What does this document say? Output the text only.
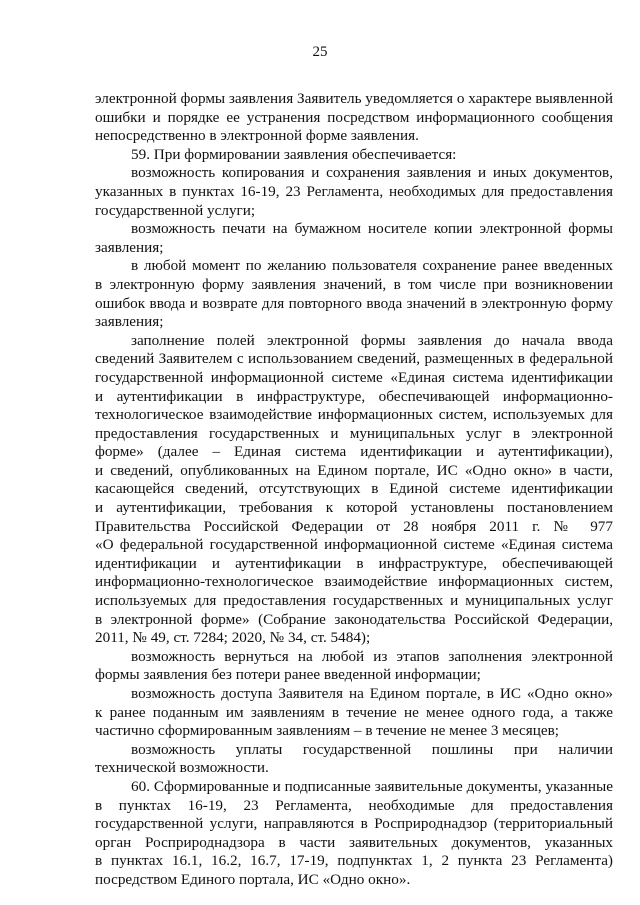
25
электронной формы заявления Заявитель уведомляется о характере выявленной
ошибки и порядке ее устранения посредством информационного сообщения
непосредственно в электронной форме заявления.
59. При формировании заявления обеспечивается:
возможность копирования и сохранения заявления и иных документов,
указанных в пунктах 16-19, 23 Регламента, необходимых для предоставления
государственной услуги;
возможность печати на бумажном носителе копии электронной формы
заявления;
в любой момент по желанию пользователя сохранение ранее введенных
в электронную форму заявления значений, в том числе при возникновении
ошибок ввода и возврате для повторного ввода значений в электронную форму
заявления;
заполнение полей электронной формы заявления до начала ввода
сведений Заявителем с использованием сведений, размещенных в федеральной
государственной информационной системе «Единая система идентификации
и аутентификации в инфраструктуре, обеспечивающей информационно-
технологическое взаимодействие информационных систем, используемых для
предоставления государственных и муниципальных услуг в электронной
форме» (далее – Единая система идентификации и аутентификации),
и сведений, опубликованных на Едином портале, ИС «Одно окно» в части,
касающейся сведений, отсутствующих в Единой системе идентификации
и аутентификации, требования к которой установлены постановлением
Правительства Российской Федерации от 28 ноября 2011 г. № 977
«О федеральной государственной информационной системе «Единая система
идентификации и аутентификации в инфраструктуре, обеспечивающей
информационно-технологическое взаимодействие информационных систем,
используемых для предоставления государственных и муниципальных услуг
в электронной форме» (Собрание законодательства Российской Федерации,
2011, № 49, ст. 7284; 2020, № 34, ст. 5484);
возможность вернуться на любой из этапов заполнения электронной
формы заявления без потери ранее введенной информации;
возможность доступа Заявителя на Едином портале, в ИС «Одно окно»
к ранее поданным им заявлениям в течение не менее одного года, а также
частично сформированным заявлениям – в течение не менее 3 месяцев;
возможность уплаты государственной пошлины при наличии
технической возможности.
60. Сформированные и подписанные заявительные документы, указанные
в пунктах 16-19, 23 Регламента, необходимые для предоставления
государственной услуги, направляются в Росприроднадзор (территориальный
орган Росприроднадзора в части заявительных документов, указанных
в пунктах 16.1, 16.2, 16.7, 17-19, подпунктах 1, 2 пункта 23 Регламента)
посредством Единого портала, ИС «Одно окно».
